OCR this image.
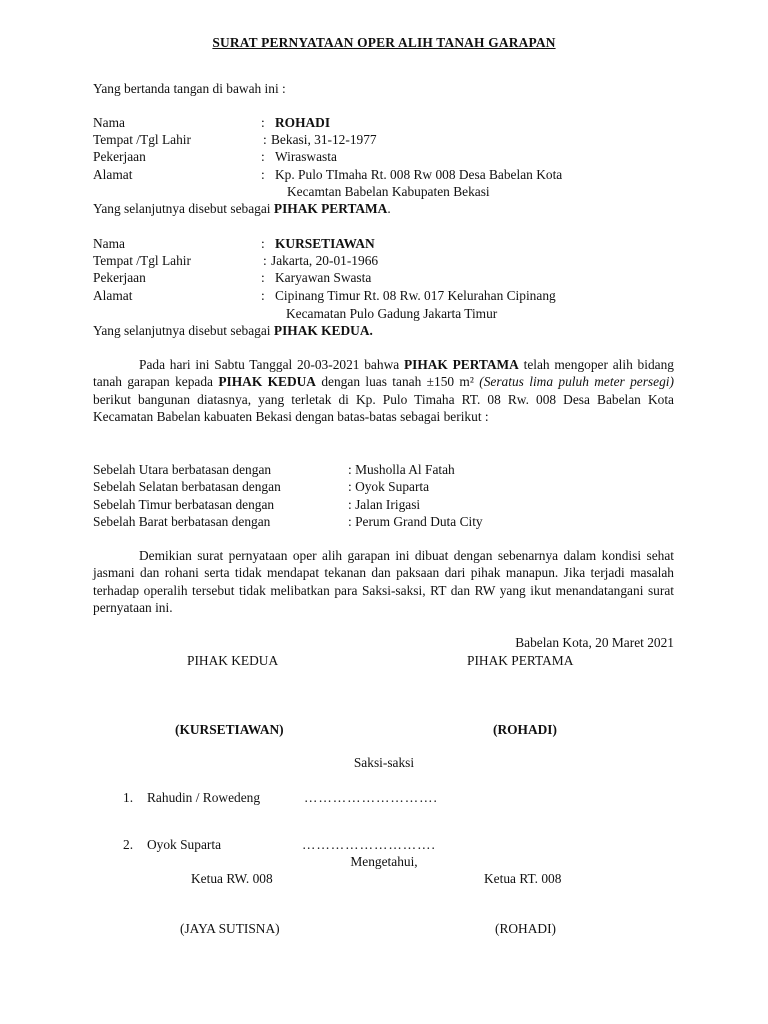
SURAT PERNYATAAN OPER ALIH TANAH GARAPAN
Yang bertanda tangan di bawah ini :
Nama	: ROHADI
Tempat /Tgl Lahir	: Bekasi, 31-12-1977
Pekerjaan	: Wiraswasta
Alamat	: Kp. Pulo TImaha Rt. 008 Rw 008 Desa Babelan Kota
Kecamtan Babelan Kabupaten Bekasi
Yang selanjutnya disebut sebagai PIHAK PERTAMA.
Nama	: KURSETIAWAN
Tempat /Tgl Lahir	: Jakarta, 20-01-1966
Pekerjaan	: Karyawan Swasta
Alamat	: Cipinang Timur Rt. 08 Rw. 017 Kelurahan Cipinang
Kecamatan Pulo Gadung Jakarta Timur
Yang selanjutnya disebut sebagai PIHAK KEDUA.
Pada hari ini Sabtu Tanggal 20-03-2021 bahwa PIHAK PERTAMA telah mengoper alih bidang tanah garapan kepada PIHAK KEDUA dengan luas tanah ±150 m² (Seratus lima puluh meter persegi) berikut bangunan diatasnya, yang terletak di Kp. Pulo Timaha RT. 08 Rw. 008 Desa Babelan Kota Kecamatan Babelan kabuaten Bekasi dengan batas-batas sebagai berikut :
Sebelah Utara berbatasan dengan	: Musholla Al Fatah
Sebelah Selatan berbatasan dengan	: Oyok Suparta
Sebelah Timur berbatasan dengan	: Jalan Irigasi
Sebelah Barat berbatasan dengan	: Perum Grand Duta City
Demikian surat pernyataan oper alih garapan ini dibuat dengan sebenarnya dalam kondisi sehat jasmani dan rohani serta tidak mendapat tekanan dan paksaan dari pihak manapun. Jika terjadi masalah terhadap operalih tersebut tidak melibatkan para Saksi-saksi, RT dan RW yang ikut menandatangani surat pernyataan ini.
Babelan Kota, 20 Maret 2021
PIHAK KEDUA	PIHAK PERTAMA
(KURSETIAWAN)	(ROHADI)
Saksi-saksi
1. Rahudin / Rowedeng	……………………….
2. Oyok Suparta	……………………….
Mengetahui,
Ketua RW. 008	Ketua RT. 008
(JAYA SUTISNA)	(ROHADI)
